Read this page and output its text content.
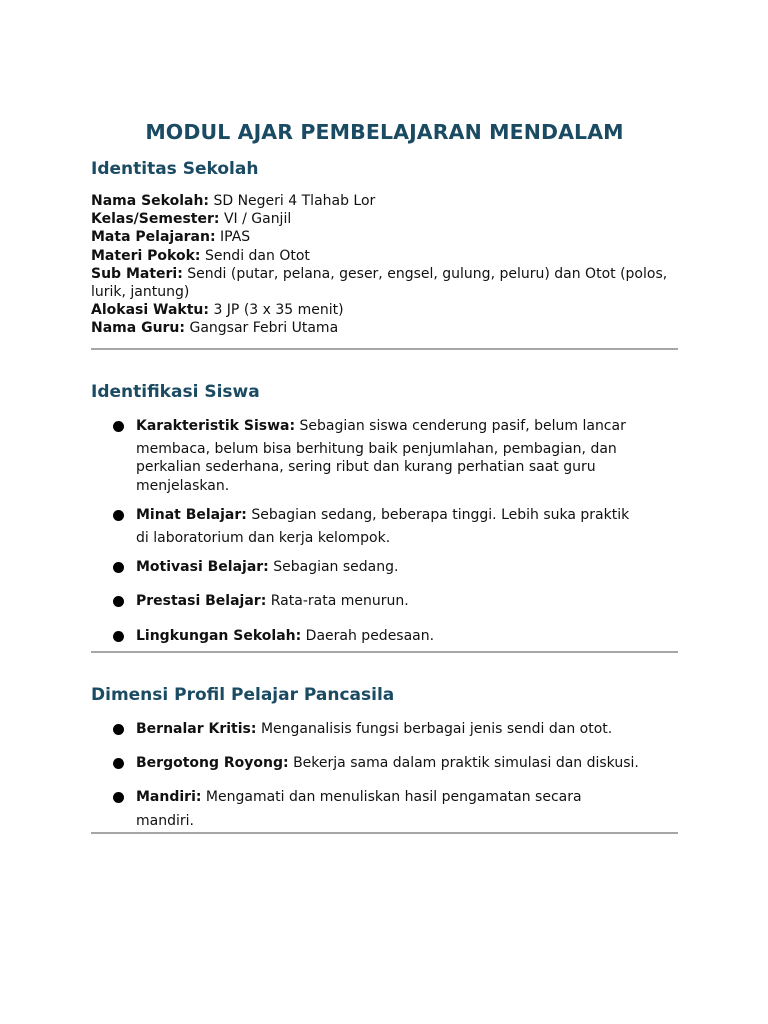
MODUL AJAR PEMBELAJARAN MENDALAM
Identitas Sekolah

Nama Sekolah: SD Negeri 4 Tlahab Lor

Kelas/Semester: VI / Ganjil

Mata Pelajaran: IPAS

Materi Pokok: Sendi dan Otot

Sub Materi: Sendi (putar, pelana, geser, engsel, gulung, peluru) dan Otot (polos, lurik, jantung)

Alokasi Waktu: 3 JP (3 x 35 menit)

Nama Guru: Gangsar Febri Utama

Identifikasi Siswa
Karakteristik Siswa: Sebagian siswa cenderung pasif, belum lancar
membaca, belum bisa berhitung baik penjumlahan, pembagian, dan perkalian sederhana, sering ribut dan kurang perhatian saat guru menjelaskan.
Minat Belajar: Sebagian sedang, beberapa tinggi. Lebih suka praktik
di laboratorium dan kerja kelompok.
Motivasi Belajar: Sebagian sedang.
Prestasi Belajar: Rata-rata menurun.
Lingkungan Sekolah: Daerah pedesaan.
Dimensi Profil Pelajar Pancasila
Bernalar Kritis: Menganalisis fungsi berbagai jenis sendi dan otot.
Bergotong Royong: Bekerja sama dalam praktik simulasi dan diskusi.
Mandiri: Mengamati dan menuliskan hasil pengamatan secara
mandiri.
